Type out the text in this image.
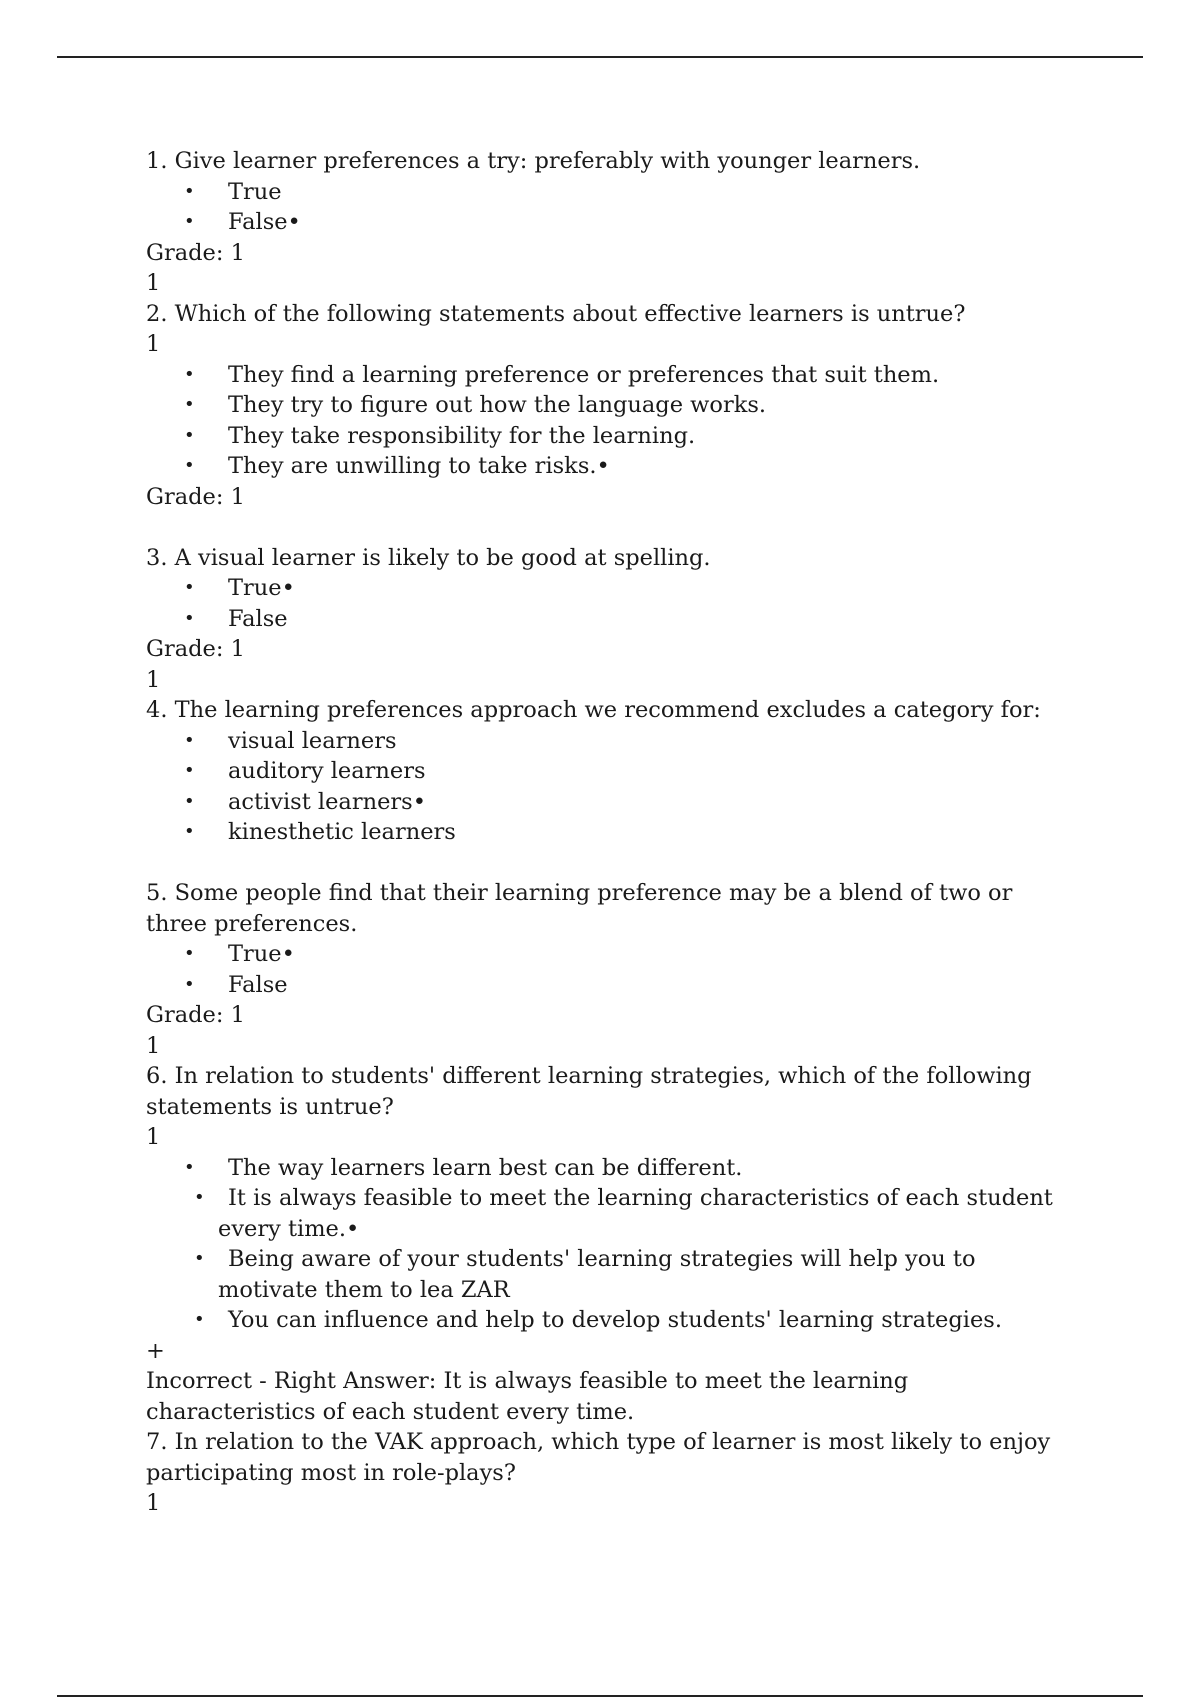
1. Give learner preferences a try: preferably with younger learners.
• True
• False•
Grade: 1
1
2. Which of the following statements about effective learners is untrue?
1
• They find a learning preference or preferences that suit them.
• They try to figure out how the language works.
• They take responsibility for the learning.
• They are unwilling to take risks.•
Grade: 1
3. A visual learner is likely to be good at spelling.
• True•
• False
Grade: 1
1
4. The learning preferences approach we recommend excludes a category for:
• visual learners
• auditory learners
• activist learners•
• kinesthetic learners
5. Some people find that their learning preference may be a blend of two or three preferences.
• True•
• False
Grade: 1
1
6. In relation to students' different learning strategies, which of the following statements is untrue?
1
• The way learners learn best can be different.
• It is always feasible to meet the learning characteristics of each student every time.•
• Being aware of your students' learning strategies will help you to motivate them to lea ZAR
• You can influence and help to develop students' learning strategies.
+
Incorrect - Right Answer: It is always feasible to meet the learning characteristics of each student every time.
7. In relation to the VAK approach, which type of learner is most likely to enjoy participating most in role-plays?
1
